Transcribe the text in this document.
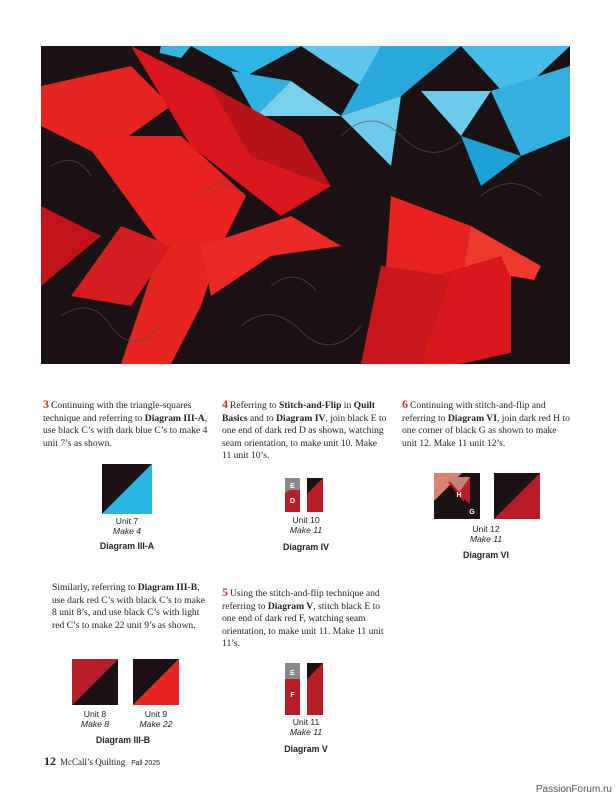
3 Continuing with the triangle-squares technique and referring to Diagram III-A, use black C’s with dark blue C’s to make 4 unit 7’s as shown.
Unit 7
Make 4
Diagram III-A
Similarly, referring to Diagram III-B, use dark red C’s with black C’s to make 8 unit 8’s, and use black C’s with light red C’s to make 22 unit 9’s as shown.
Unit 8
Make 8
Unit 9
Make 22
Diagram III-B
4 Referring to Stitch-and-Flip in Quilt Basics and to Diagram IV, join black E to one end of dark red D as shown, watching seam orientation, to make unit 10. Make 11 unit 10’s.
E
D
Unit 10
Make 11
Diagram IV
5 Using the stitch-and-flip technique and referring to Diagram V, stitch black E to one end of dark red F, watching seam orientation, to make unit 11. Make 11 unit 11’s.
E
F
Unit 11
Make 11
Diagram V
6 Continuing with stitch-and-flip and referring to Diagram VI, join dark red H to one corner of black G as shown to make unit 12. Make 11 unit 12’s.
H
G
Unit 12
Make 11
Diagram VI
12 McCall’s Quilting Fall 2025
PassionForum.ru
